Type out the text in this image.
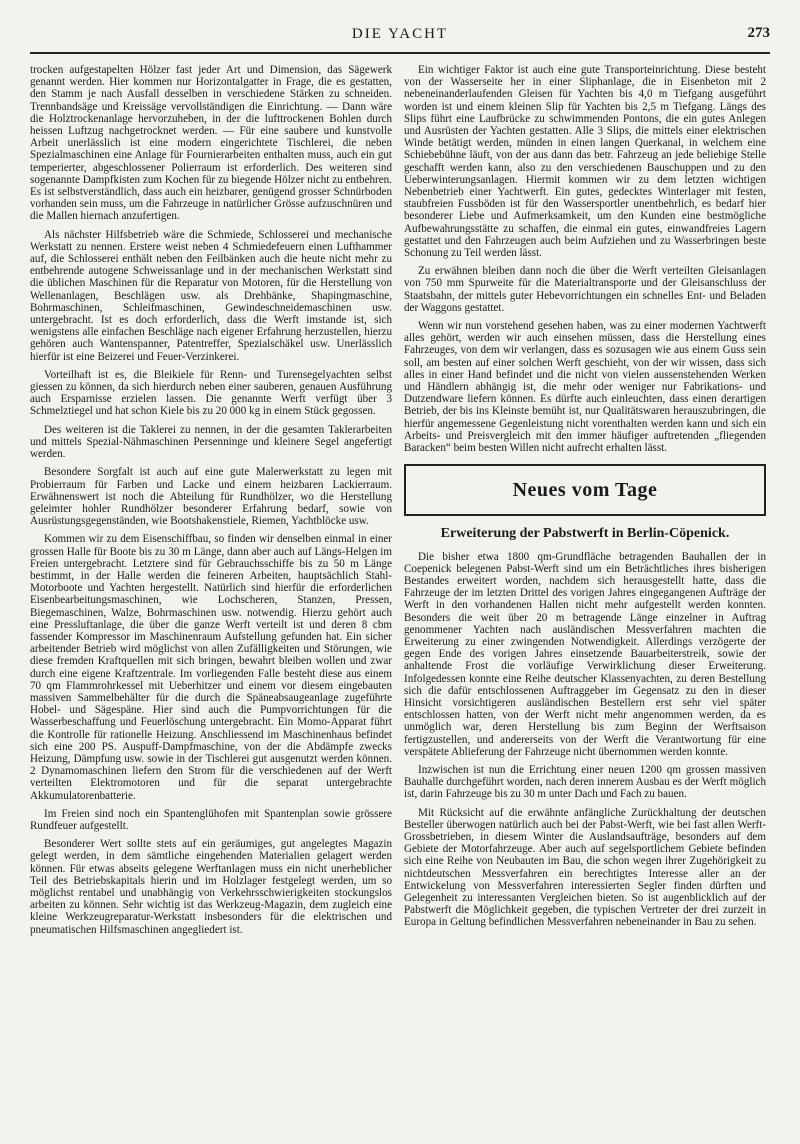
DIE YACHT	273

trocken aufgestapelten Hölzer fast jeder Art und Dimension, das Sägewerk genannt werden. Hier kommen nur Horizontalgatter in Frage, die es gestatten, den Stamm je nach Ausfall desselben in verschiedene Stärken zu schneiden. Trennbandsäge und Kreissäge vervollständigen die Einrichtung. — Dann wäre die Holztrockenanlage hervorzuheben, in der die lufttrockenen Bohlen durch heissen Luftzug nachgetrocknet werden. — Für eine saubere und kunstvolle Arbeit unerlässlich ist eine modern eingerichtete Tischlerei, die neben Spezialmaschinen eine Anlage für Fournierarbeiten enthalten muss, auch ein gut temperierter, abgeschlossener Polierraum ist erforderlich. Des weiteren sind sogenannte Dampfkisten zum Kochen für zu biegende Hölzer nicht zu entbehren. Es ist selbstverständlich, dass auch ein heizbarer, genügend grosser Schnürboden vorhanden sein muss, um die Fahrzeuge in natürlicher Grösse aufzuschnüren und die Mallen hiernach anzufertigen.

Als nächster Hilfsbetrieb wäre die Schmiede, Schlosserei und mechanische Werkstatt zu nennen. Erstere weist neben 4 Schmiedefeuern einen Lufthammer auf, die Schlosserei enthält neben den Feilbänken auch die heute nicht mehr zu entbehrende autogene Schweissanlage und in der mechanischen Werkstatt sind die üblichen Maschinen für die Reparatur von Motoren, für die Herstellung von Wellenanlagen, Beschlägen usw. als Drehbänke, Shapingmaschine, Bohrmaschinen, Schleifmaschinen, Gewindeschneidemaschinen usw. untergebracht. Ist es doch erforderlich, dass die Werft imstande ist, sich wenigstens alle einfachen Beschläge nach eigener Erfahrung herzustellen, hierzu gehören auch Wantenspanner, Patentreffer, Spezialschäkel usw. Unerlässlich hierfür ist eine Beizerei und Feuer-Verzinkerei.

Vorteilhaft ist es, die Bleikiele für Renn- und Turensegelyachten selbst giessen zu können, da sich hierdurch neben einer sauberen, genauen Ausführung auch Ersparnisse erzielen lassen. Die genannte Werft verfügt über 3 Schmelztiegel und hat schon Kiele bis zu 20 000 kg in einem Stück gegossen.

Des weiteren ist die Taklerei zu nennen, in der die gesamten Taklerarbeiten und mittels Spezial-Nähmaschinen Persenninge und kleinere Segel angefertigt werden.

Besondere Sorgfalt ist auch auf eine gute Malerwerkstatt zu legen mit Probierraum für Farben und Lacke und einem heizbaren Lackierraum. Erwähnenswert ist noch die Abteilung für Rundhölzer, wo die Herstellung geleimter hohler Rundhölzer besonderer Erfahrung bedarf, sowie von Ausrüstungsgegenständen, wie Bootshakenstiele, Riemen, Yachtblöcke usw.

Kommen wir zu dem Eisenschiffbau, so finden wir denselben einmal in einer grossen Halle für Boote bis zu 30 m Länge, dann aber auch auf Längs-Helgen im Freien untergebracht. Letztere sind für Gebrauchsschiffe bis zu 50 m Länge bestimmt, in der Halle werden die feineren Arbeiten, hauptsächlich Stahl-Motorboote und Yachten hergestellt. Natürlich sind hierfür die erforderlichen Eisenbearbeitungsmaschinen, wie Lochscheren, Stanzen, Pressen, Biegemaschinen, Walze, Bohrmaschinen usw. notwendig. Hierzu gehört auch eine Pressluftanlage, die über die ganze Werft verteilt ist und deren 8 cbm fassender Kompressor im Maschinenraum Aufstellung gefunden hat. Ein sicher arbeitender Betrieb wird möglichst von allen Zufälligkeiten und Störungen, wie diese fremden Kraftquellen mit sich bringen, bewahrt bleiben wollen und zwar durch eine eigene Kraftzentrale. Im vorliegenden Falle besteht diese aus einem 70 qm Flammrohrkessel mit Ueberhitzer und einem vor diesem eingebauten massiven Sammelbehälter für die durch die Späneabsaugeanlage zugeführte Hobel- und Sägespäne. Hier sind auch die Pumpvorrichtungen für die Wasserbeschaffung und Feuerlöschung untergebracht. Ein Momo-Apparat führt die Kontrolle für rationelle Heizung. Anschliessend im Maschinenhaus befindet sich eine 200 PS. Auspuff-Dampfmaschine, von der die Abdämpfe zwecks Heizung, Dämpfung usw. sowie in der Tischlerei gut ausgenutzt werden können. 2 Dynamomaschinen liefern den Strom für die verschiedenen auf der Werft verteilten Elektromotoren und für die separat untergebrachte Akkumulatorenbatterie.

Im Freien sind noch ein Spantenglühofen mit Spantenplan sowie grössere Rundfeuer aufgestellt.

Besonderer Wert sollte stets auf ein geräumiges, gut angelegtes Magazin gelegt werden, in dem sämtliche eingehenden Materialien gelagert werden können. Für etwas abseits gelegene Werftanlagen muss ein nicht unerheblicher Teil des Betriebskapitals hierin und im Holzlager festgelegt werden, um so möglichst rentabel und unabhängig von Verkehrsschwierigkeiten stockungslos arbeiten zu können. Sehr wichtig ist das Werkzeug-Magazin, dem zugleich eine kleine Werkzeugreparatur-Werkstatt insbesonders für die elektrischen und pneumatischen Hilfsmaschinen angegliedert ist.

Ein wichtiger Faktor ist auch eine gute Transporteinrichtung. Diese besteht von der Wasserseite her in einer Sliphanlage, die in Eisenbeton mit 2 nebeneinanderlaufenden Gleisen für Yachten bis 4,0 m Tiefgang ausgeführt worden ist und einem kleinen Slip für Yachten bis 2,5 m Tiefgang. Längs des Slips führt eine Laufbrücke zu schwimmenden Pontons, die ein gutes Anlegen und Ausrüsten der Yachten gestatten. Alle 3 Slips, die mittels einer elektrischen Winde betätigt werden, münden in einen langen Querkanal, in welchem eine Schiebebühne läuft, von der aus dann das betr. Fahrzeug an jede beliebige Stelle geschafft werden kann, also zu den verschiedenen Bauschuppen und zu den Ueberwinterungsanlagen. Hiermit kommen wir zu dem letzten wichtigen Nebenbetrieb einer Yachtwerft. Ein gutes, gedecktes Winterlager mit festen, staubfreien Fussböden ist für den Wassersportler unentbehrlich, es bedarf hier besonderer Liebe und Aufmerksamkeit, um den Kunden eine bestmögliche Aufbewahrungsstätte zu schaffen, die einmal ein gutes, einwandfreies Lagern gestattet und den Fahrzeugen auch beim Aufziehen und zu Wasserbringen beste Schonung zu Teil werden lässt.

Zu erwähnen bleiben dann noch die über die Werft verteilten Gleisanlagen von 750 mm Spurweite für die Materialtransporte und der Gleisanschluss der Staatsbahn, der mittels guter Hebevorrichtungen ein schnelles Ent- und Beladen der Waggons gestattet.

Wenn wir nun vorstehend gesehen haben, was zu einer modernen Yachtwerft alles gehört, werden wir auch einsehen müssen, dass die Herstellung eines Fahrzeuges, von dem wir verlangen, dass es sozusagen wie aus einem Guss sein soll, am besten auf einer solchen Werft geschieht, von der wir wissen, dass sich alles in einer Hand befindet und die nicht von vielen aussenstehenden Werken und Händlern abhängig ist, die mehr oder weniger nur Fabrikations- und Dutzendware liefern können. Es dürfte auch einleuchten, dass einen derartigen Betrieb, der bis ins Kleinste bemüht ist, nur Qualitätswaren herauszubringen, die hierfür angemessene Gegenleistung nicht vorenthalten werden kann und sich ein Arbeits- und Preisvergleich mit den immer häufiger auftretenden „fliegenden Baracken“ beim besten Willen nicht aufrecht erhalten lässt.

Neues vom Tage
Erweiterung der Pabstwerft in Berlin-Cöpenick.

Die bisher etwa 1800 qm-Grundfläche betragenden Bauhallen der in Coepenick belegenen Pabst-Werft sind um ein Beträchtliches ihres bisherigen Bestandes erweitert worden, nachdem sich herausgestellt hatte, dass die Fahrzeuge der im letzten Drittel des vorigen Jahres eingegangenen Aufträge der Werft in den vorhandenen Hallen nicht mehr aufgestellt werden konnten. Besonders die weit über 20 m betragende Länge einzelner in Auftrag genommener Yachten nach ausländischen Messverfahren machten die Erweiterung zu einer zwingenden Notwendigkeit. Allerdings verzögerte der gegen Ende des vorigen Jahres einsetzende Bauarbeiterstreik, sowie der anhaltende Frost die vorläufige Verwirklichung dieser Erweiterung. Infolgedessen konnte eine Reihe deutscher Klassenyachten, zu deren Bestellung sich die dafür entschlossenen Auftraggeber im Gegensatz zu den in dieser Hinsicht vorsichtigeren ausländischen Bestellern erst sehr viel später entschlossen hatten, von der Werft nicht mehr angenommen werden, da es unmöglich war, deren Herstellung bis zum Beginn der Werftsaison fertigzustellen, und andererseits von der Werft die Verantwortung für eine verspätete Ablieferung der Fahrzeuge nicht übernommen werden konnte.

Inzwischen ist nun die Errichtung einer neuen 1200 qm grossen massiven Bauhalle durchgeführt worden, nach deren innerem Ausbau es der Werft möglich ist, darin Fahrzeuge bis zu 30 m unter Dach und Fach zu bauen.

Mit Rücksicht auf die erwähnte anfängliche Zurückhaltung der deutschen Besteller überwogen natürlich auch bei der Pabst-Werft, wie bei fast allen Werft-Grossbetrieben, in diesem Winter die Auslandsaufträge, besonders auf dem Gebiete der Motorfahrzeuge. Aber auch auf segelsportlichem Gebiete befinden sich eine Reihe von Neubauten im Bau, die schon wegen ihrer Zugehörigkeit zu nichtdeutschen Messverfahren ein berechtigtes Interesse aller an der Entwickelung von Messverfahren interessierten Segler finden dürften und Gelegenheit zu interessanten Vergleichen bieten. So ist augenblicklich auf der Pabstwerft die Möglichkeit gegeben, die typischen Vertreter der drei zurzeit in Europa in Geltung befindlichen Messverfahren nebeneinander in Bau zu sehen.
